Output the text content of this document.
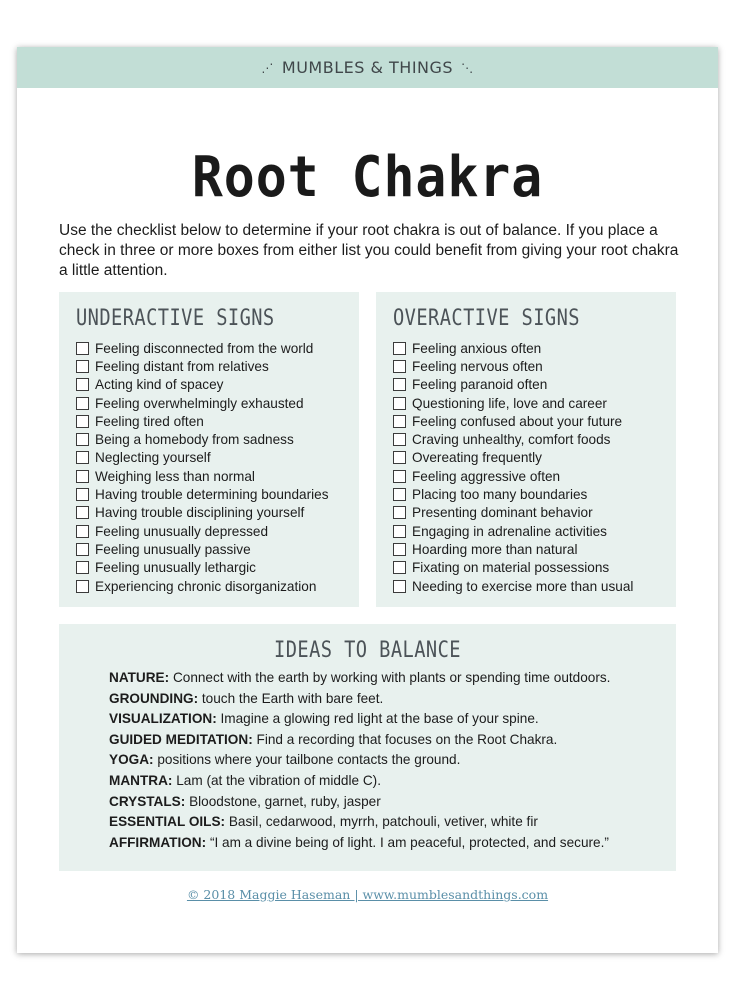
⋰ MUMBLES & THINGS ⋱
Root Chakra
Use the checklist below to determine if your root chakra is out of balance. If you place a check in three or more boxes from either list you could benefit from giving your root chakra a little attention.
UNDERACTIVE SIGNS
Feeling disconnected from the world
Feeling distant from relatives
Acting kind of spacey
Feeling overwhelmingly exhausted
Feeling tired often
Being a homebody from sadness
Neglecting yourself
Weighing less than normal
Having trouble determining boundaries
Having trouble disciplining yourself
Feeling unusually depressed
Feeling unusually passive
Feeling unusually lethargic
Experiencing chronic disorganization
OVERACTIVE SIGNS
Feeling anxious often
Feeling nervous often
Feeling paranoid often
Questioning life, love and career
Feeling confused about your future
Craving unhealthy, comfort foods
Overeating frequently
Feeling aggressive often
Placing too many boundaries
Presenting dominant behavior
Engaging in adrenaline activities
Hoarding more than natural
Fixating on material possessions
Needing to exercise more than usual
IDEAS TO BALANCE
NATURE: Connect with the earth by working with plants or spending time outdoors.
GROUNDING: touch the Earth with bare feet.
VISUALIZATION: Imagine a glowing red light at the base of your spine.
GUIDED MEDITATION: Find a recording that focuses on the Root Chakra.
YOGA: positions where your tailbone contacts the ground.
MANTRA: Lam (at the vibration of middle C).
CRYSTALS: Bloodstone, garnet, ruby, jasper
ESSENTIAL OILS: Basil, cedarwood, myrrh, patchouli, vetiver, white fir
AFFIRMATION: “I am a divine being of light. I am peaceful, protected, and secure.”
© 2018 Maggie Haseman | www.mumblesandthings.com
